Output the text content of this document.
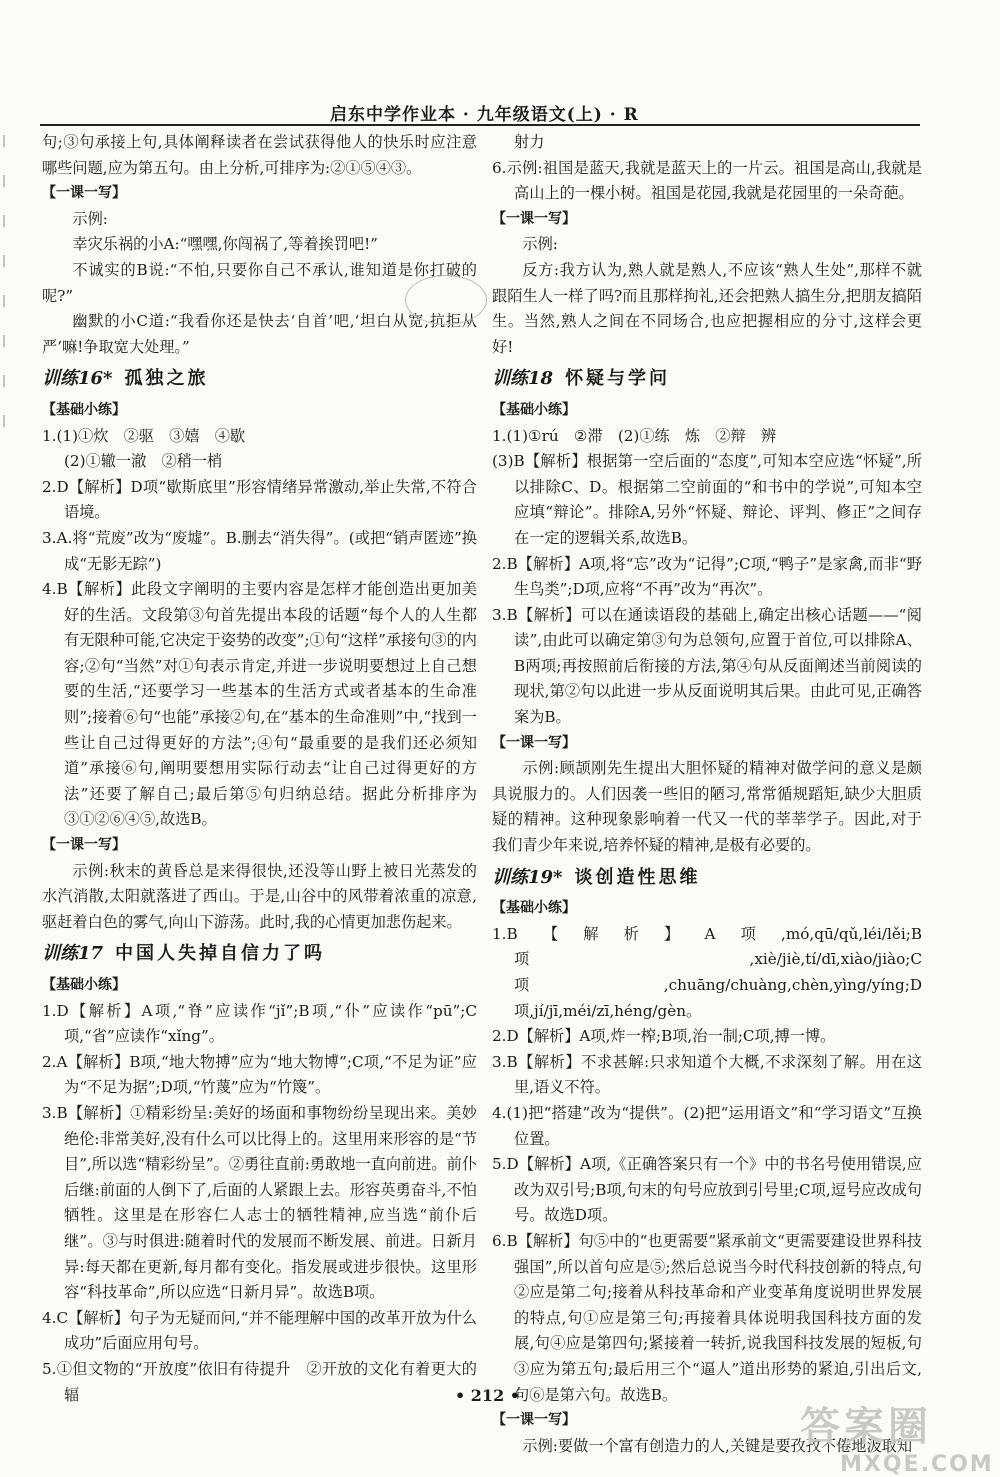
|
|
|
|
|
|
|
|
启东中学作业本 · 九年级语文(上) · R

句;③句承接上句,具体阐释读者在尝试获得他人的快乐时应注意哪些问题,应为第五句。由上分析,可排序为:②①⑤④③。

【一课一写】

示例:

幸灾乐祸的小A:“嘿嘿,你闯祸了,等着挨罚吧!”

不诚实的B说:“不怕,只要你自己不承认,谁知道是你打破的呢?”

幽默的小C道:“我看你还是快去‘自首’吧,‘坦白从宽,抗拒从严’嘛!争取宽大处理。”

训练16* 孤独之旅

【基础小练】

1.(1)①炊　②驱　③嬉　④歇

(2)①辙一澈　②稍一梢

2.D【解析】D项“歇斯底里”形容情绪异常激动,举止失常,不符合语境。

3.A.将“荒废”改为“废墟”。B.删去“消失得”。(或把“销声匿迹”换成“无影无踪”)

4.B【解析】此段文字阐明的主要内容是怎样才能创造出更加美好的生活。文段第③句首先提出本段的话题“每个人的人生都有无限种可能,它决定于姿势的改变”;①句“这样”承接句③的内容;②句“当然”对①句表示肯定,并进一步说明要想过上自己想要的生活,“还要学习一些基本的生活方式或者基本的生命准则”;接着⑥句“也能”承接②句,在“基本的生命准则”中,“找到一些让自己过得更好的方法”;④句“最重要的是我们还必须知道”承接⑥句,阐明要想用实际行动去“让自己过得更好的方法”还要了解自己;最后第⑤句归纳总结。据此分析排序为③①②⑥④⑤,故选B。

【一课一写】

示例:秋末的黄昏总是来得很快,还没等山野上被日光蒸发的水汽消散,太阳就落进了西山。于是,山谷中的风带着浓重的凉意,驱赶着白色的雾气,向山下游荡。此时,我的心情更加悲伤起来。

训练17 中国人失掉自信力了吗

【基础小练】

1.D【解析】A项,“脊”应读作“jǐ”;B项,“仆”应读作“pū”;C项,“省”应读作“xǐng”。

2.A【解析】B项,“地大物搏”应为“地大物博”;C项,“不足为证”应为“不足为据”;D项,“竹蔑”应为“竹篾”。

3.B【解析】①精彩纷呈:美好的场面和事物纷纷呈现出来。美妙绝伦:非常美好,没有什么可以比得上的。这里用来形容的是“节目”,所以选“精彩纷呈”。②勇往直前:勇敢地一直向前进。前仆后继:前面的人倒下了,后面的人紧跟上去。形容英勇奋斗,不怕牺牲。这里是在形容仁人志士的牺牲精神,应当选“前仆后继”。③与时俱进:随着时代的发展而不断发展、前进。日新月异:每天都在更新,每月都有变化。指发展或进步很快。这里形容“科技革命”,所以应选“日新月异”。故选B项。

4.C【解析】句子为无疑而问,“并不能理解中国的改革开放为什么成功”后面应用句号。

5.①但文物的“开放度”依旧有待提升　②开放的文化有着更大的辐

射力

6.示例:祖国是蓝天,我就是蓝天上的一片云。祖国是高山,我就是高山上的一棵小树。祖国是花园,我就是花园里的一朵奇葩。

【一课一写】

示例:

反方:我方认为,熟人就是熟人,不应该“熟人生处”,那样不就跟陌生人一样了吗?而且那样拘礼,还会把熟人搞生分,把朋友搞陌生。当然,熟人之间在不同场合,也应把握相应的分寸,这样会更好!

训练18 怀疑与学问

【基础小练】

1.(1)①rú　②滞　(2)①练　炼　②辩　辨

(3)B【解析】根据第一空后面的“态度”,可知本空应选“怀疑”,所以排除C、D。根据第二空前面的“和书中的学说”,可知本空应填“辩论”。排除A,另外“怀疑、辩论、评判、修正”之间存在一定的逻辑关系,故选B。

2.B【解析】A项,将“忘”改为“记得”;C项,“鸭子”是家禽,而非“野生鸟类”;D项,应将“不再”改为“再次”。

3.B【解析】可以在通读语段的基础上,确定出核心话题——“阅读”,由此可以确定第③句为总领句,应置于首位,可以排除A、B两项;再按照前后衔接的方法,第④句从反面阐述当前阅读的现状,第②句以此进一步从反面说明其后果。由此可见,正确答案为B。

【一课一写】

示例:顾颉刚先生提出大胆怀疑的精神对做学问的意义是颇具说服力的。人们因袭一些旧的陋习,常常循规蹈矩,缺少大胆质疑的精神。这种现象影响着一代又一代的莘莘学子。因此,对于我们青少年来说,培养怀疑的精神,是极有必要的。

训练19* 谈创造性思维

【基础小练】

1.B【解析】A项,mó,qū/qǔ,léi/lěi;B项,xiè/jiè,tí/dī,xiào/jiào;C项,chuāng/chuàng,chèn,yìng/yíng;D项,jí/jī,méi/zī,héng/gèn。

2.D【解析】A项,炸一榨;B项,治一制;C项,搏一博。

3.B【解析】不求甚解:只求知道个大概,不求深刻了解。用在这里,语义不符。

4.(1)把“搭建”改为“提供”。(2)把“运用语文”和“学习语文”互换位置。

5.D【解析】A项,《正确答案只有一个》中的书名号使用错误,应改为双引号;B项,句末的句号应放到引号里;C项,逗号应改成句号。故选D项。

6.B【解析】句⑤中的“也更需要”紧承前文“更需要建设世界科技强国”,所以首句应是⑤;然后总说当今时代科技创新的特点,句②应是第二句;接着从科技革命和产业变革角度说明世界发展的特点,句①应是第三句;再接着具体说明我国科技方面的发展,句④应是第四句;紧接着一转折,说我国科技发展的短板,句③应为第五句;最后用三个“逼人”道出形势的紧迫,引出后文,句⑥是第六句。故选B。

【一课一写】

示例:要做一个富有创造力的人,关键是要孜孜不倦地汲取知

• 212 •
答案圈
MXQE.COM
